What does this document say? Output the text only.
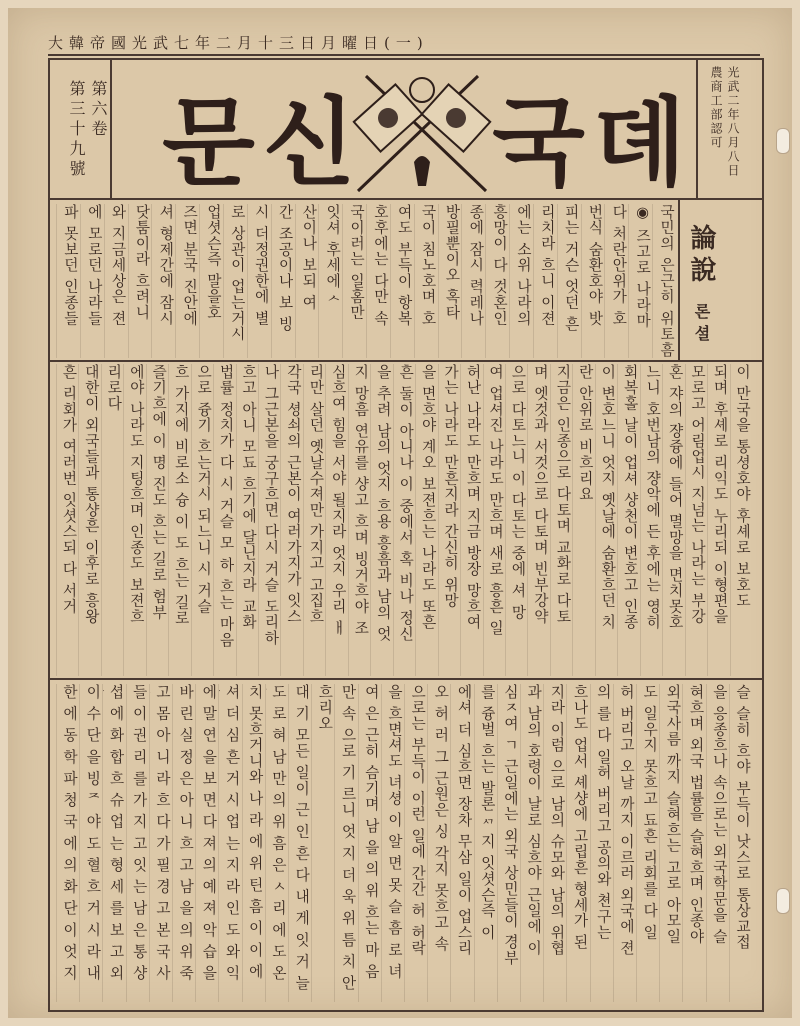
大韓帝國光武七年二月十三日月曜日(一)
第三十九號 第六卷	光武二年八月八日 農商工部認可
문 신 국 뎨
論說 론셜
국민의 은근히 위토흠
◉ 즈고로 나라마
다 처란안위가 호
번식 숨환호야 밧
피는 거슨 엇던 흔
리치라 흐니 이젼
에는 소위 나라의
흥망이 다 것혼인
종에 잠시 력레나
방필뿐이오 혹타
국이 침노호며 호
여도 부득이 항복
호후에는 다만 속
국이러는 일홈만
잇셔 후세에 ᄉ
산이나 보되 여
간 조공이나 보 빙
시 더정권한에 별
로 상관이 업는거시
업셧슨즉 말을호
즈면 분국 진안에
셔 형제간에 잠시
닷툼이라 흐려니
와 지금세상은 젼
에 모로던 나라들
파 못보던 인종들
이 만국을 통셩호야 후셰로 보호도
되며 후셰로 리익도 누리되 이형편을
모로고 어림업시 지넘는 나라는 부강
혼 쟈의 쟝즁에 들어 멸망을 면치못호
느니 호번남의 쟝악에 든 후에는 영히
회복홀 날이 업셔 샹천이 변호고 인종
이 변호느니 엇지 옛날에 숨환흐던 치
란 안위로 비흐리요
지금은 인종으로 다토며 교화로 다토
며 엣것과 서것으로 다토며 빈부강약
으로 다토느니 이 다토는 중에 셔 망
여 업셔진 나라도 만흐며 새로 흥흔 일
허난 나라도 만흐며 지금 방장 망흐여
가는 나라도 만흔지라 간신히 위망
을 면흐야 계오 보젼흐는 나라도 또흔
흔 둘이 아니나 이 중에서 혹 비나 정신
을 추려 남의 엇지 흐용 흥흠과 남의 엇
지 망흠 연유를 샹고 흐며 빙거흐야 조
심흐여 힘을 서야 될지라 엇지 우리 ㅐ
리만 살던 옛날수져만 가지고 고집흐
각국 셩쇠의 근본이 여러가지가 잇스
나 그근본을 궁구흐면 다시 거슬 도리하
흐고 아니 모됴 흐기에 달닌지라 교화
법률 정치가 다 시 거슬 모 하 흐는 마음
으로 즁기 흐는거시 되느니 시 거슬
흐 가지에 비로소 슝 이 도 흐는 길로
즐기흐에 이 명 진도 흐는 길로 험부
에야 나라도 지팅흐며 인종도 보젼흐
리로다
대한이 외국들과 통샹흔 이후로 흥왕
흔 리회가 여러번 잇셧스되 다 서거
슬 슬히 흐야 부득이 낫스로 통상교접
을 응종흐나 속으로는 외국학문을 슬
혀흐며 외국 법률을 슬혀흐며 인종야
외국사름 까지 슬혀흐는 고로 아모일
도 일우지 못흐고 됴흔 리회를 다 일
허 버리고 오날 까지 이르러 외국에 젼
의 를 다 일허 버리고 공의와 쳔구는
흐나도 업서 셰샹에 고립흔 형세가 된
지라 이럼 으로 남의 슈모와 남의 위협
과 남의 호령이 날로 심흐야 근일에 이
심ㅈ여 ㄱ 근일에는 외국 상민들이 경부
를 즁벌 흐는 발론 ᄭ지 잇셧슨즉 이
에셔 더 심흐면 장차 무삼 일이 업스리
오 허 러 그 근원은 싱 각지 못흐고 속
으로는 부득이 이런 일에 간간 허 허락
을 흐면셔도 녀셩 이 알 면 못 슬 흠 로 녀
여 은 근히 슴기며 남 을 의 위 흐는 마 음
만 속 으로 기 르니 엇 지 더 욱 위 틈 치 안
흐리오
대 기 모든 일이 근 인 흔 다 내 게 잇 거 늘
도 로 혀 남 만 의 위 흠 은 ㅅ 리 에 도 온 당
치 못흐거니와 나 라 에 위 틴 흠 이 이 에
셔 더 심 흔 거 시 업 는 지 라 인 도 와 익 급
에 말 연 을 보 면 다 져 의 예 져 악 습 을
바 린 실 정 은 아 니 흐 고 남 을 의 위 죽 이
고 몸 아 니 라 흐 다 가 필 경 고 본 국 사 름
들 이 권 리 를 가 지 고 잇 는 남 은 통 샹 교
셥 에 화 합 흐 슈 업 는 형 세 를 보 고 외 국
이 수 단 을 빙 ᄌ 야 도 혈 흐 거 시 라 내
한 에 동 학 파 청 국 에 의 화 단 이 엇 지
